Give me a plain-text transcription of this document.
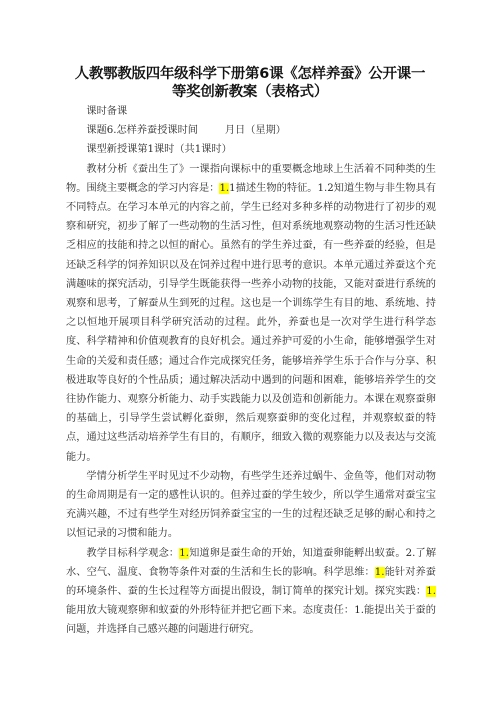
人教鄂教版四年级科学下册第6课《怎样养蚕》公开课一
等奖创新教案（表格式）

课时备课

课题6.怎样养蚕授课时间 　　 月日（星期）

课型新授课第1课时（共1课时）

教材分析《蚕出生了》一课指向课标中的重要概念地球上生活着不同种类的生物。围绕主要概念的学习内容是：1.1描述生物的特征。1.2知道生物与非生物具有不同特点。在学习本单元的内容之前，学生已经对多种多样的动物进行了初步的观察和研究，初步了解了一些动物的生活习性，但对系统地观察动物的生活习性还缺乏相应的技能和持之以恒的耐心。虽然有的学生养过蚕，有一些养蚕的经验，但是还缺乏科学的饲养知识以及在饲养过程中进行思考的意识。本单元通过养蚕这个充满趣味的探究活动，引导学生既能获得一些养小动物的技能，又能对蚕进行系统的观察和思考，了解蚕从生到死的过程。这也是一个训练学生有目的地、系统地、持之以恒地开展项目科学研究活动的过程。此外，养蚕也是一次对学生进行科学态度、科学精神和价值观教育的良好机会。通过养护可爱的小生命，能够增强学生对生命的关爱和责任感；通过合作完成探究任务，能够培养学生乐于合作与分享、积极进取等良好的个性品质；通过解决活动中遇到的问题和困难，能够培养学生的交往协作能力、观察分析能力、动手实践能力以及创造和创新能力。本课在观察蚕卵的基础上，引导学生尝试孵化蚕卵，然后观察蚕卵的变化过程，并观察蚁蚕的特点，通过这些活动培养学生有目的，有顺序，细致入微的观察能力以及表达与交流能力。

学情分析学生平时见过不少动物，有些学生还养过蜗牛、金鱼等，他们对动物的生命周期是有一定的感性认识的。但养过蚕的学生较少，所以学生通常对蚕宝宝充满兴趣，不过有些学生对经历饲养蚕宝宝的一生的过程还缺乏足够的耐心和持之以恒记录的习惯和能力。

教学目标科学观念：1.知道卵是蚕生命的开始，知道蚕卵能孵出蚁蚕。2.了解水、空气、温度、食物等条件对蚕的生活和生长的影响。科学思维：1.能针对养蚕的环境条件、蚕的生长过程等方面提出假设，制订简单的探究计划。探究实践：1.能用放大镜观察卵和蚁蚕的外形特征并把它画下来。态度责任：1.能提出关于蚕的问题，并选择自己感兴趣的问题进行研究。
